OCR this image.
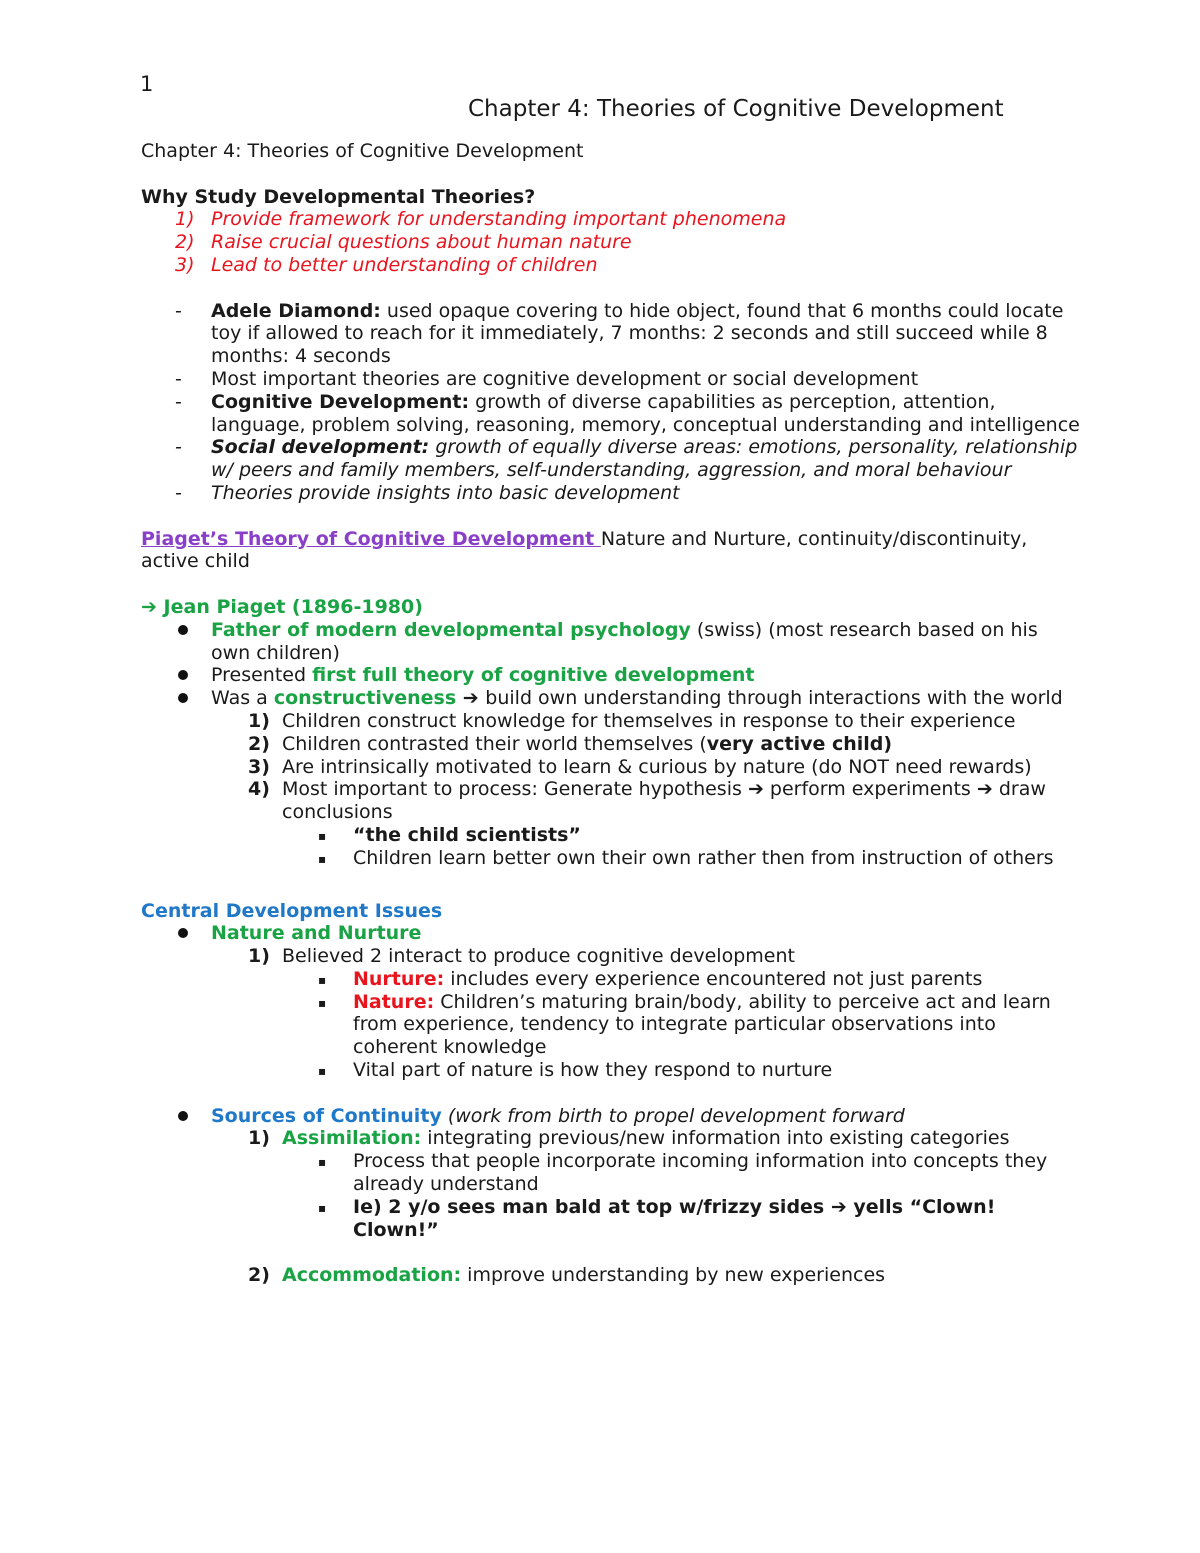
1
Chapter 4: Theories of Cognitive Development
Chapter 4: Theories of Cognitive Development
Why Study Developmental Theories?
1) Provide framework for understanding important phenomena
2) Raise crucial questions about human nature
3) Lead to better understanding of children
- Adele Diamond: used opaque covering to hide object, found that 6 months could locate toy if allowed to reach for it immediately, 7 months: 2 seconds and still succeed while 8 months: 4 seconds
- Most important theories are cognitive development or social development
- Cognitive Development: growth of diverse capabilities as perception, attention, language, problem solving, reasoning, memory, conceptual understanding and intelligence
- Social development: growth of equally diverse areas: emotions, personality, relationship w/ peers and family members, self-understanding, aggression, and moral behaviour
- Theories provide insights into basic development
Piaget’s Theory of Cognitive Development Nature and Nurture, continuity/discontinuity, active child
➔ Jean Piaget (1896-1980)
Father of modern developmental psychology (swiss) (most research based on his own children)
Presented first full theory of cognitive development
Was a constructiveness ➔ build own understanding through interactions with the world
1) Children construct knowledge for themselves in response to their experience
2) Children contrasted their world themselves (very active child)
3) Are intrinsically motivated to learn & curious by nature (do NOT need rewards)
4) Most important to process: Generate hypothesis ➔ perform experiments ➔ draw conclusions
▪ “the child scientists”
▪ Children learn better own their own rather then from instruction of others
Central Development Issues
Nature and Nurture
1) Believed 2 interact to produce cognitive development
▪ Nurture: includes every experience encountered not just parents
▪ Nature: Children’s maturing brain/body, ability to perceive act and learn from experience, tendency to integrate particular observations into coherent knowledge
▪ Vital part of nature is how they respond to nurture
Sources of Continuity (work from birth to propel development forward
1) Assimilation: integrating previous/new information into existing categories
▪ Process that people incorporate incoming information into concepts they already understand
▪ Ie) 2 y/o sees man bald at top w/frizzy sides ➔ yells “Clown! Clown!”
2) Accommodation: improve understanding by new experiences
